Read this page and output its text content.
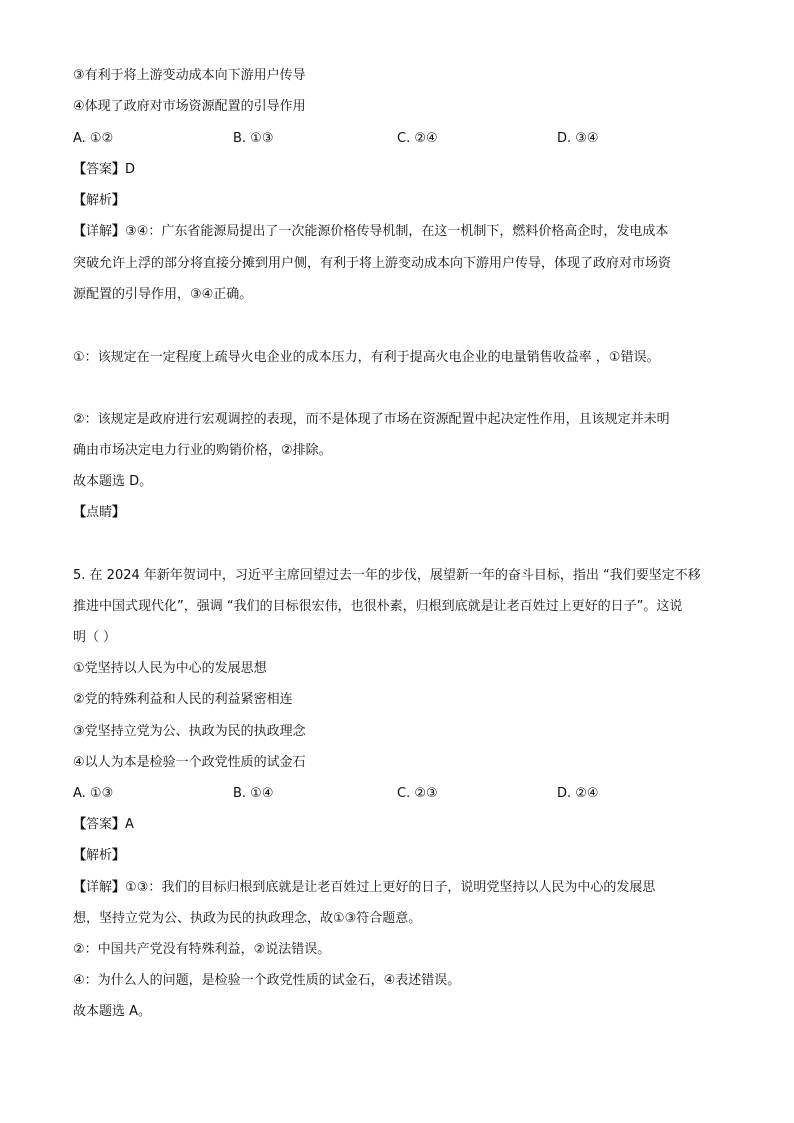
③有利于将上游变动成本向下游用户传导
④体现了政府对市场资源配置的引导作用
A. ①②	B. ①③	C. ②④	D. ③④
【答案】D
【解析】
【详解】③④：广东省能源局提出了一次能源价格传导机制，在这一机制下，燃料价格高企时，发电成本
突破允许上浮的部分将直接分摊到用户侧，有利于将上游变动成本向下游用户传导，体现了政府对市场资
源配置的引导作用，③④正确。
①：该规定在一定程度上疏导火电企业的成本压力，有利于提高火电企业的电量销售收益率 ，①错误。
②：该规定是政府进行宏观调控的表现，而不是体现了市场在资源配置中起决定性作用，且该规定并未明
确由市场决定电力行业的购销价格，②排除。
故本题选 D。
【点睛】
5. 在 2024 年新年贺词中，习近平主席回望过去一年的步伐，展望新一年的奋斗目标，指出 “我们要坚定不移
推进中国式现代化”，强调 “我们的目标很宏伟，也很朴素，归根到底就是让老百姓过上更好的日子”。这说
明（ ）
①党坚持以人民为中心的发展思想
②党的特殊利益和人民的利益紧密相连
③党坚持立党为公、执政为民的执政理念
④以人为本是检验一个政党性质的试金石
A. ①③	B. ①④	C. ②③	D. ②④
【答案】A
【解析】
【详解】①③：我们的目标归根到底就是让老百姓过上更好的日子，说明党坚持以人民为中心的发展思
想，坚持立党为公、执政为民的执政理念，故①③符合题意。
②：中国共产党没有特殊利益，②说法错误。
④：为什么人的问题，是检验一个政党性质的试金石，④表述错误。
故本题选 A。
